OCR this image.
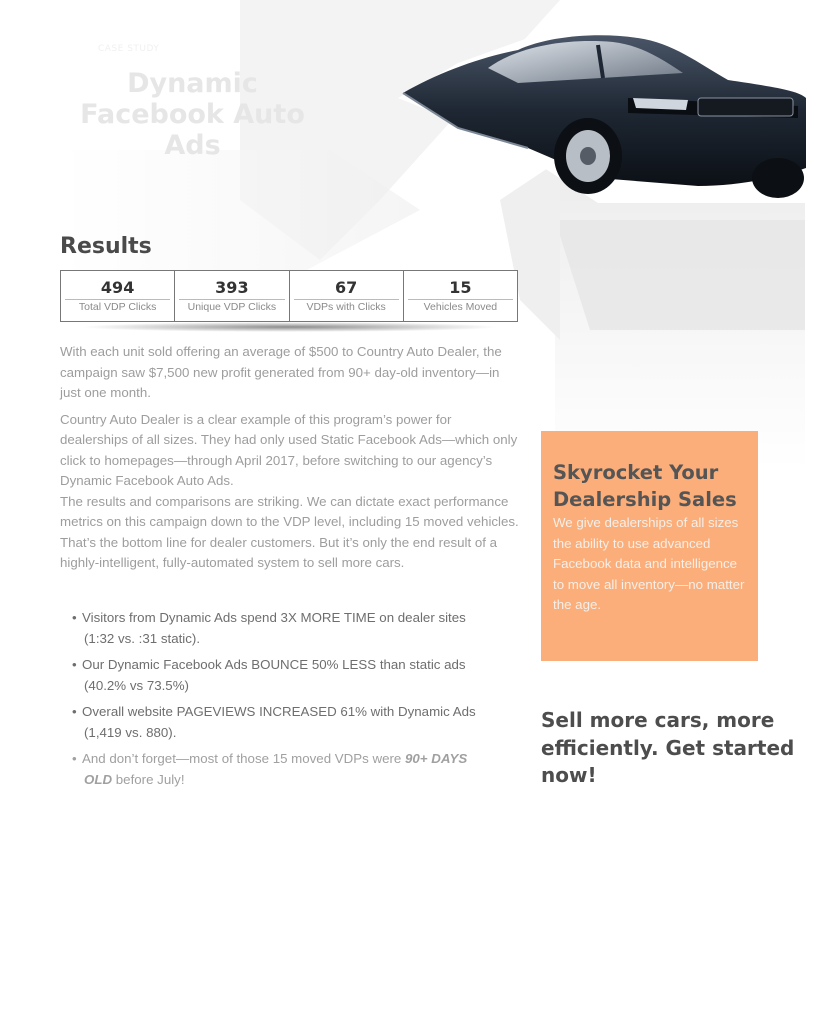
CASE STUDY
Dynamic Facebook Auto Ads
Results
494
Total VDP Clicks
393
Unique VDP Clicks
67
VDPs with Clicks
15
Vehicles Moved

With each unit sold offering an average of $500 to Country Auto Dealer, the campaign saw $7,500 new profit generated from 90+ day-old inventory—in just one month.

Country Auto Dealer is a clear example of this program’s power for dealerships of all sizes. They had only used Static Facebook Ads—which only click to homepages—through April 2017, before switching to our agency’s Dynamic Facebook Auto Ads.

The results and comparisons are striking. We can dictate exact performance metrics on this campaign down to the VDP level, including 15 moved vehicles. That’s the bottom line for dealer customers. But it’s only the end result of a highly-intelligent, fully-automated system to sell more cars.

• Visitors from Dynamic Ads spend 3X MORE TIME on dealer sites
(1:32 vs. :31 static).
• Our Dynamic Facebook Ads BOUNCE 50% LESS than static ads
(40.2% vs 73.5%)
• Overall website PAGEVIEWS INCREASED 61% with Dynamic Ads
(1,419 vs. 880).
• And don’t forget—most of those 15 moved VDPs were 90+ DAYS
OLD before July!
Skyrocket Your Dealership Sales

We give dealerships of all sizes the ability to use advanced Facebook data and intelligence to move all inventory—no matter the age.

Sell more cars, more efficiently. Get started now!
